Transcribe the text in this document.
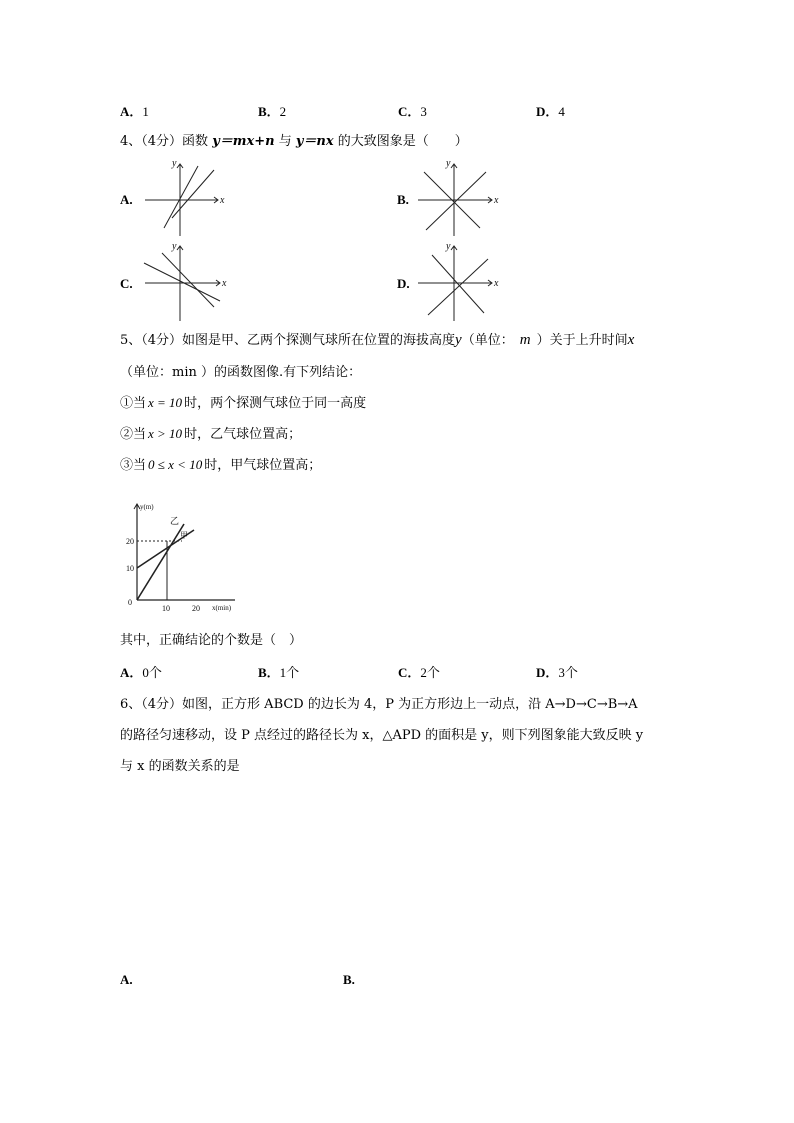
A．1	B．2	C．3	D．4
4、（4分）函数 y＝mx+n 与 y＝nx 的大致图象是（　　）
A.	x
y
B.	x
y
C.	x
y
D.	x
y
5、（4分）如图是甲、乙两个探测气球所在位置的海拔高度y（单位： m ）关于上升时间x
（单位：min ）的函数图像.有下列结论：
①当 x = 10 时，两个探测气球位于同一高度
②当 x > 10 时，乙气球位置高；
③当 0 ≤ x < 10 时，甲气球位置高；
y(m)
x(min)
乙
甲
20
10
0
10	20
其中，正确结论的个数是（　）
A．0个	B．1个	C．2个	D．3个
6、（4分）如图，正方形 ABCD 的边长为 4，P 为正方形边上一动点，沿 A→D→C→B→A
的路径匀速移动，设 P 点经过的路径长为 x，△APD 的面积是 y，则下列图象能大致反映 y
与 x 的函数关系的是
A.	B.
